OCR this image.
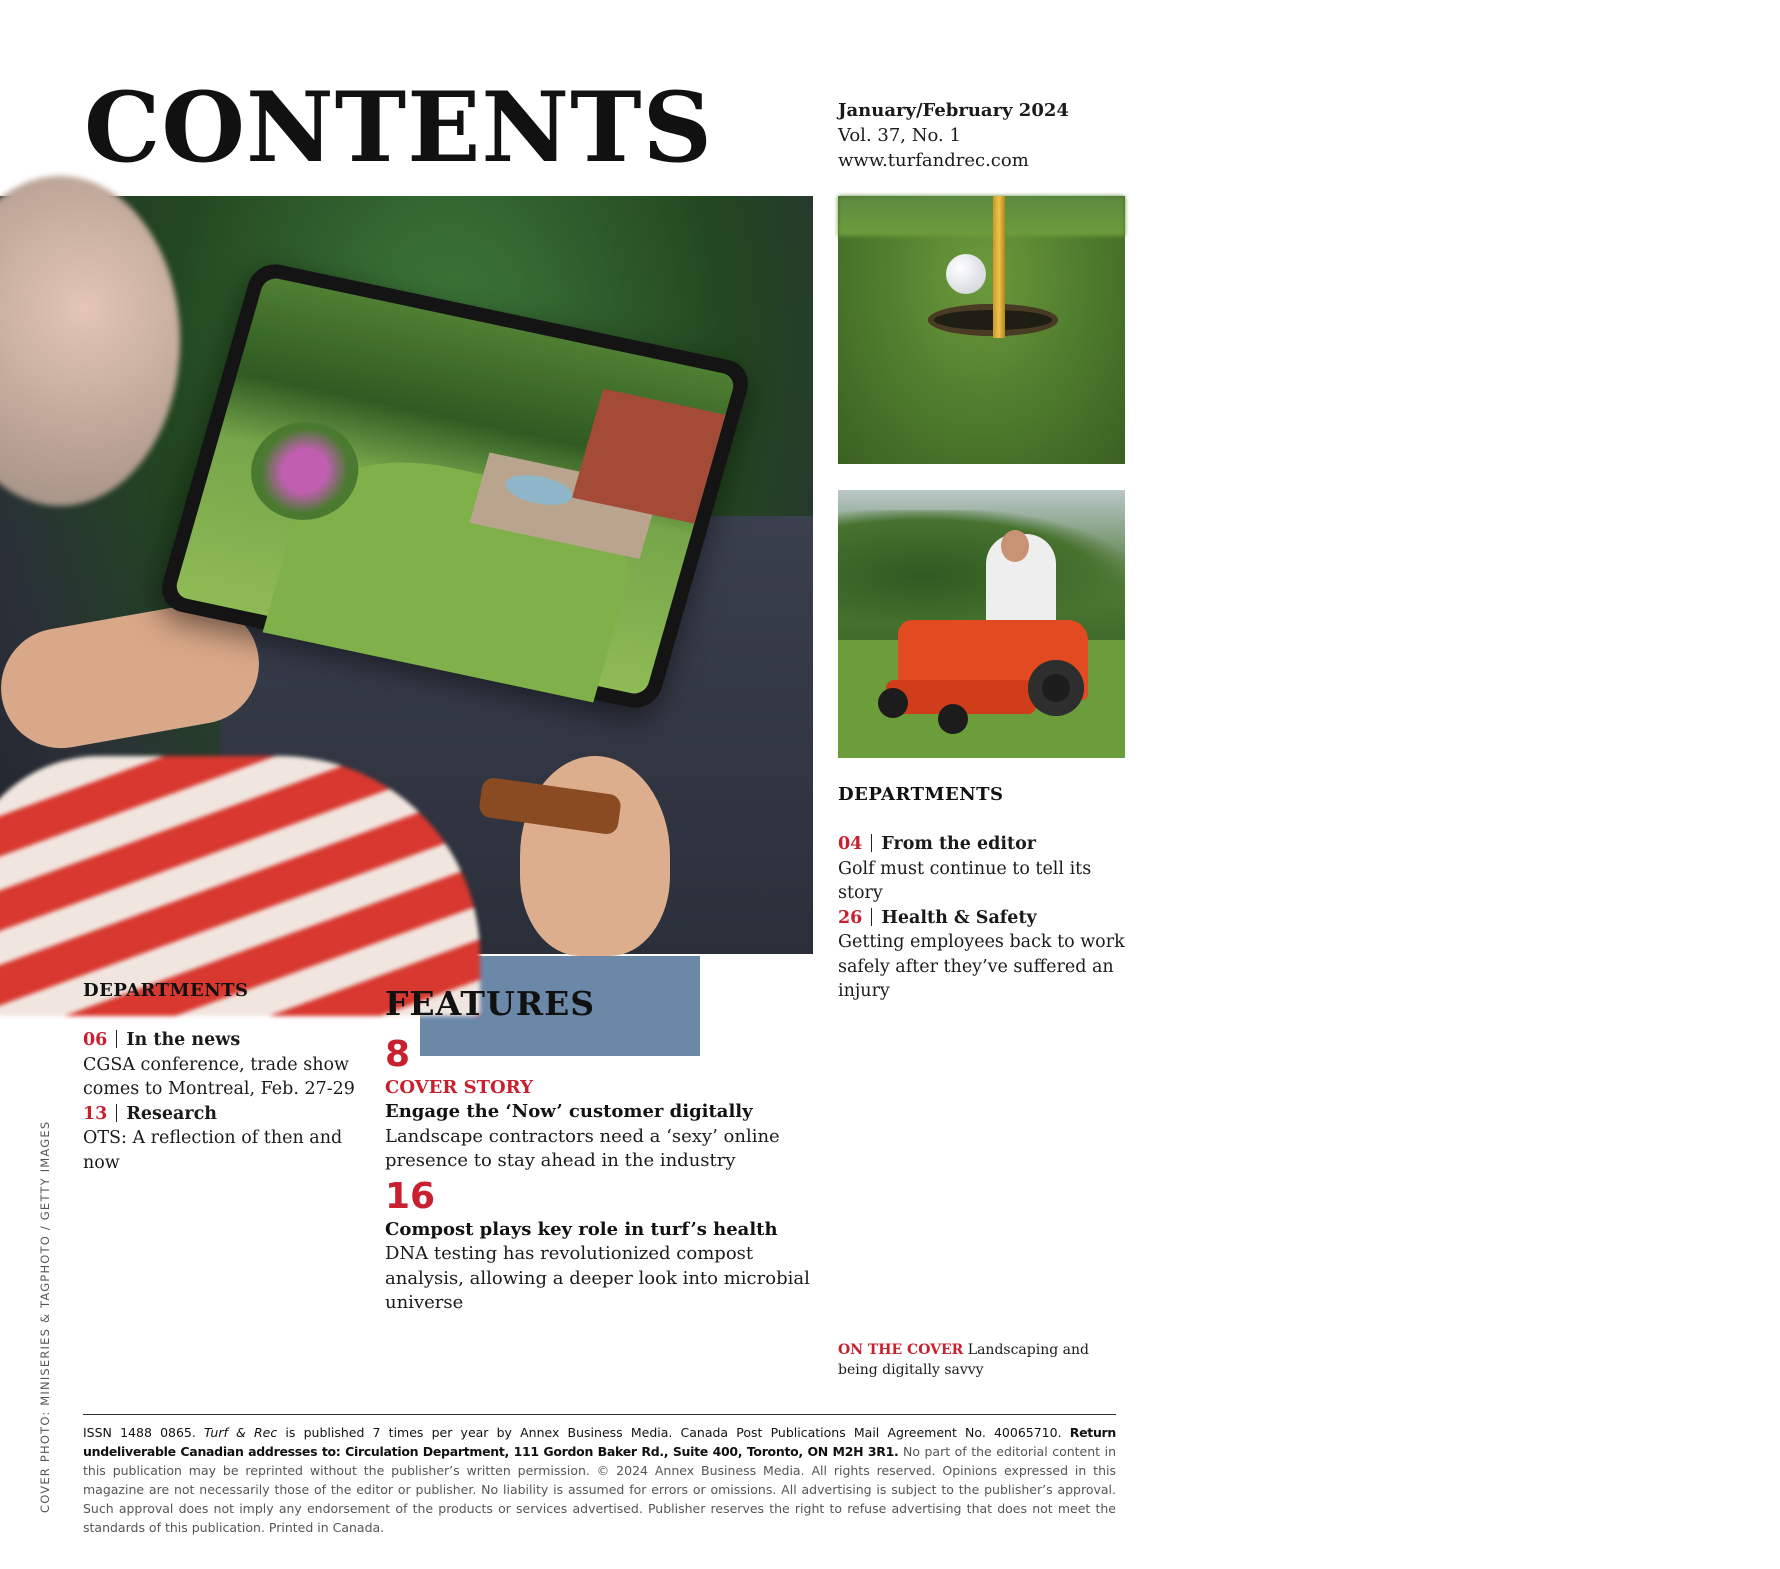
CONTENTS	January/February 2024
Vol. 37, No. 1
www.turfandrec.com
8
11
20
DEPARTMENTS
04 From the editor
Golf must continue to tell its story
26 Health & Safety
Getting employees back to work safely after they’ve suffered an injury
DEPARTMENTS
06 In the news
CGSA conference, trade show comes to Montreal, Feb. 27-29
13 Research
OTS: A reflection of then and now
FEATURES
8
COVER STORY
Engage the ‘Now’ customer digitally
Landscape contractors need a ‘sexy’ online presence to stay ahead in the industry
16
Compost plays key role in turf’s health
DNA testing has revolutionized compost analysis, allowing a deeper look into microbial universe
ON THE COVER Landscaping and being digitally savvy
COVER PHOTO: MINISERIES & TAGPHOTO / GETTY IMAGES ISSN 1488 0865. Turf & Rec is published 7 times per year by Annex Business Media. Canada Post Publications Mail Agreement No. 40065710. Return undeliverable Canadian addresses to: Circulation Department, 111 Gordon Baker Rd., Suite 400, Toronto, ON M2H 3R1. No part of the editorial content in this publication may be reprinted without the publisher’s written permission. © 2024 Annex Business Media. All rights reserved. Opinions expressed in this magazine are not necessarily those of the editor or publisher. No liability is assumed for errors or omissions. All advertising is subject to the publisher’s approval. Such approval does not imply any endorsement of the products or services advertised. Publisher reserves the right to refuse advertising that does not meet the standards of this publication. Printed in Canada.
